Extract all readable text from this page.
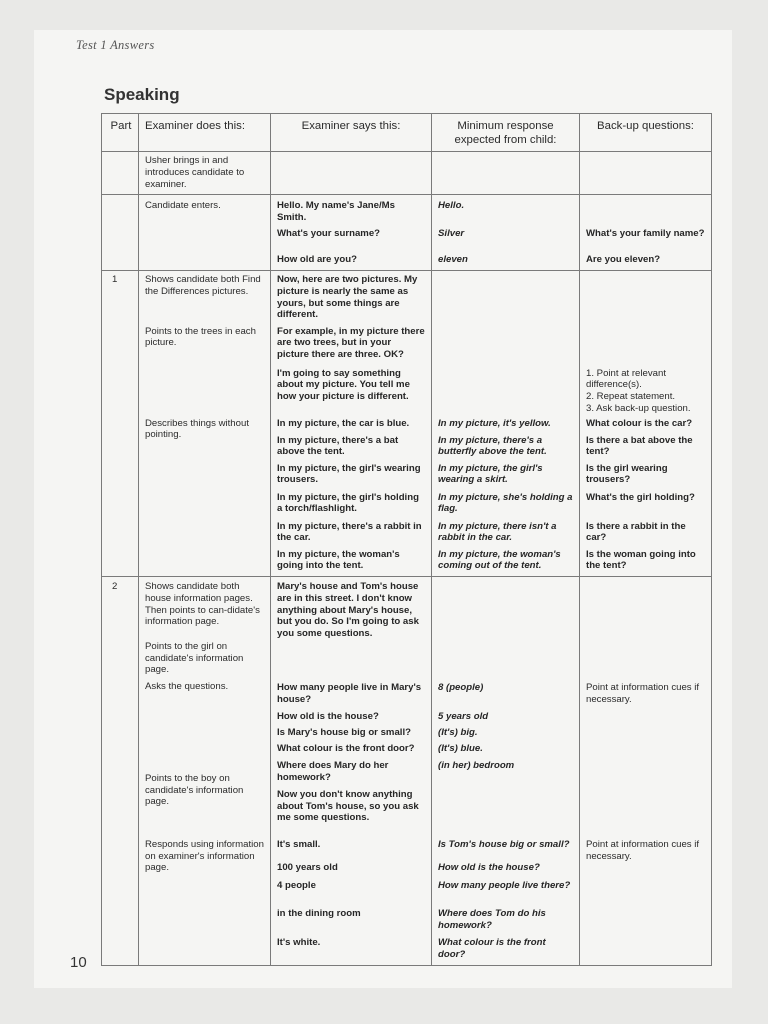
Test 1 Answers
Speaking
10
Part	Examiner does this:	Examiner says this:	Minimum response expected from child:	Back-up questions:

	Usher brings in and introduces candidate to examiner.			

	Candidate enters.	Hello. My name's Jane/Ms Smith.	Hello.	

		What's your surname?	Silver	What's your family name?

		How old are you?	eleven	Are you eleven?

1	Shows candidate both Find the Differences pictures.	Now, here are two pictures. My picture is nearly the same as yours, but some things are different.		

	Points to the trees in each picture.	For example, in my picture there are two trees, but in your picture there are three. OK?		

		I'm going to say something about my picture. You tell me how your picture is different.		1. Point at relevant difference(s).
2. Repeat statement.
3. Ask back-up question.

	Describes things without pointing.	In my picture, the car is blue.	In my picture, it's yellow.	What colour is the car?

		In my picture, there's a bat above the tent.	In my picture, there's a butterfly above the tent.	Is there a bat above the tent?

		In my picture, the girl's wearing trousers.	In my picture, the girl's wearing a skirt.	Is the girl wearing trousers?

		In my picture, the girl's holding a torch/flashlight.	In my picture, she's holding a flag.	What's the girl holding?

		In my picture, there's a rabbit in the car.	In my picture, there isn't a rabbit in the car.	Is there a rabbit in the car?

		In my picture, the woman's going into the tent.	In my picture, the woman's coming out of the tent.	Is the woman going into the tent?

2	Shows candidate both house information pages. Then points to can-didate's information page.	Mary's house and Tom's house are in this street. I don't know anything about Mary's house, but you do. So I'm going to ask you some questions.		

	Points to the girl on candidate's information page.			

	Asks the questions.	How many people live in Mary's house?	8 (people)	Point at information cues if necessary.

		How old is the house?	5 years old	

		Is Mary's house big or small?	(It's) big.	

		What colour is the front door?	(It's) blue.	

	Points to the boy on candidate's information page.	Where does Mary do her homework?	(in her) bedroom	

		Now you don't know anything about Tom's house, so you ask me some questions.		

	Responds using information on examiner's information page.	It's small.	Is Tom's house big or small?	Point at information cues if necessary.

		100 years old	How old is the house?	

		4 people	How many people live there?	

		in the dining room	Where does Tom do his homework?	

		It's white.	What colour is the front door?	
